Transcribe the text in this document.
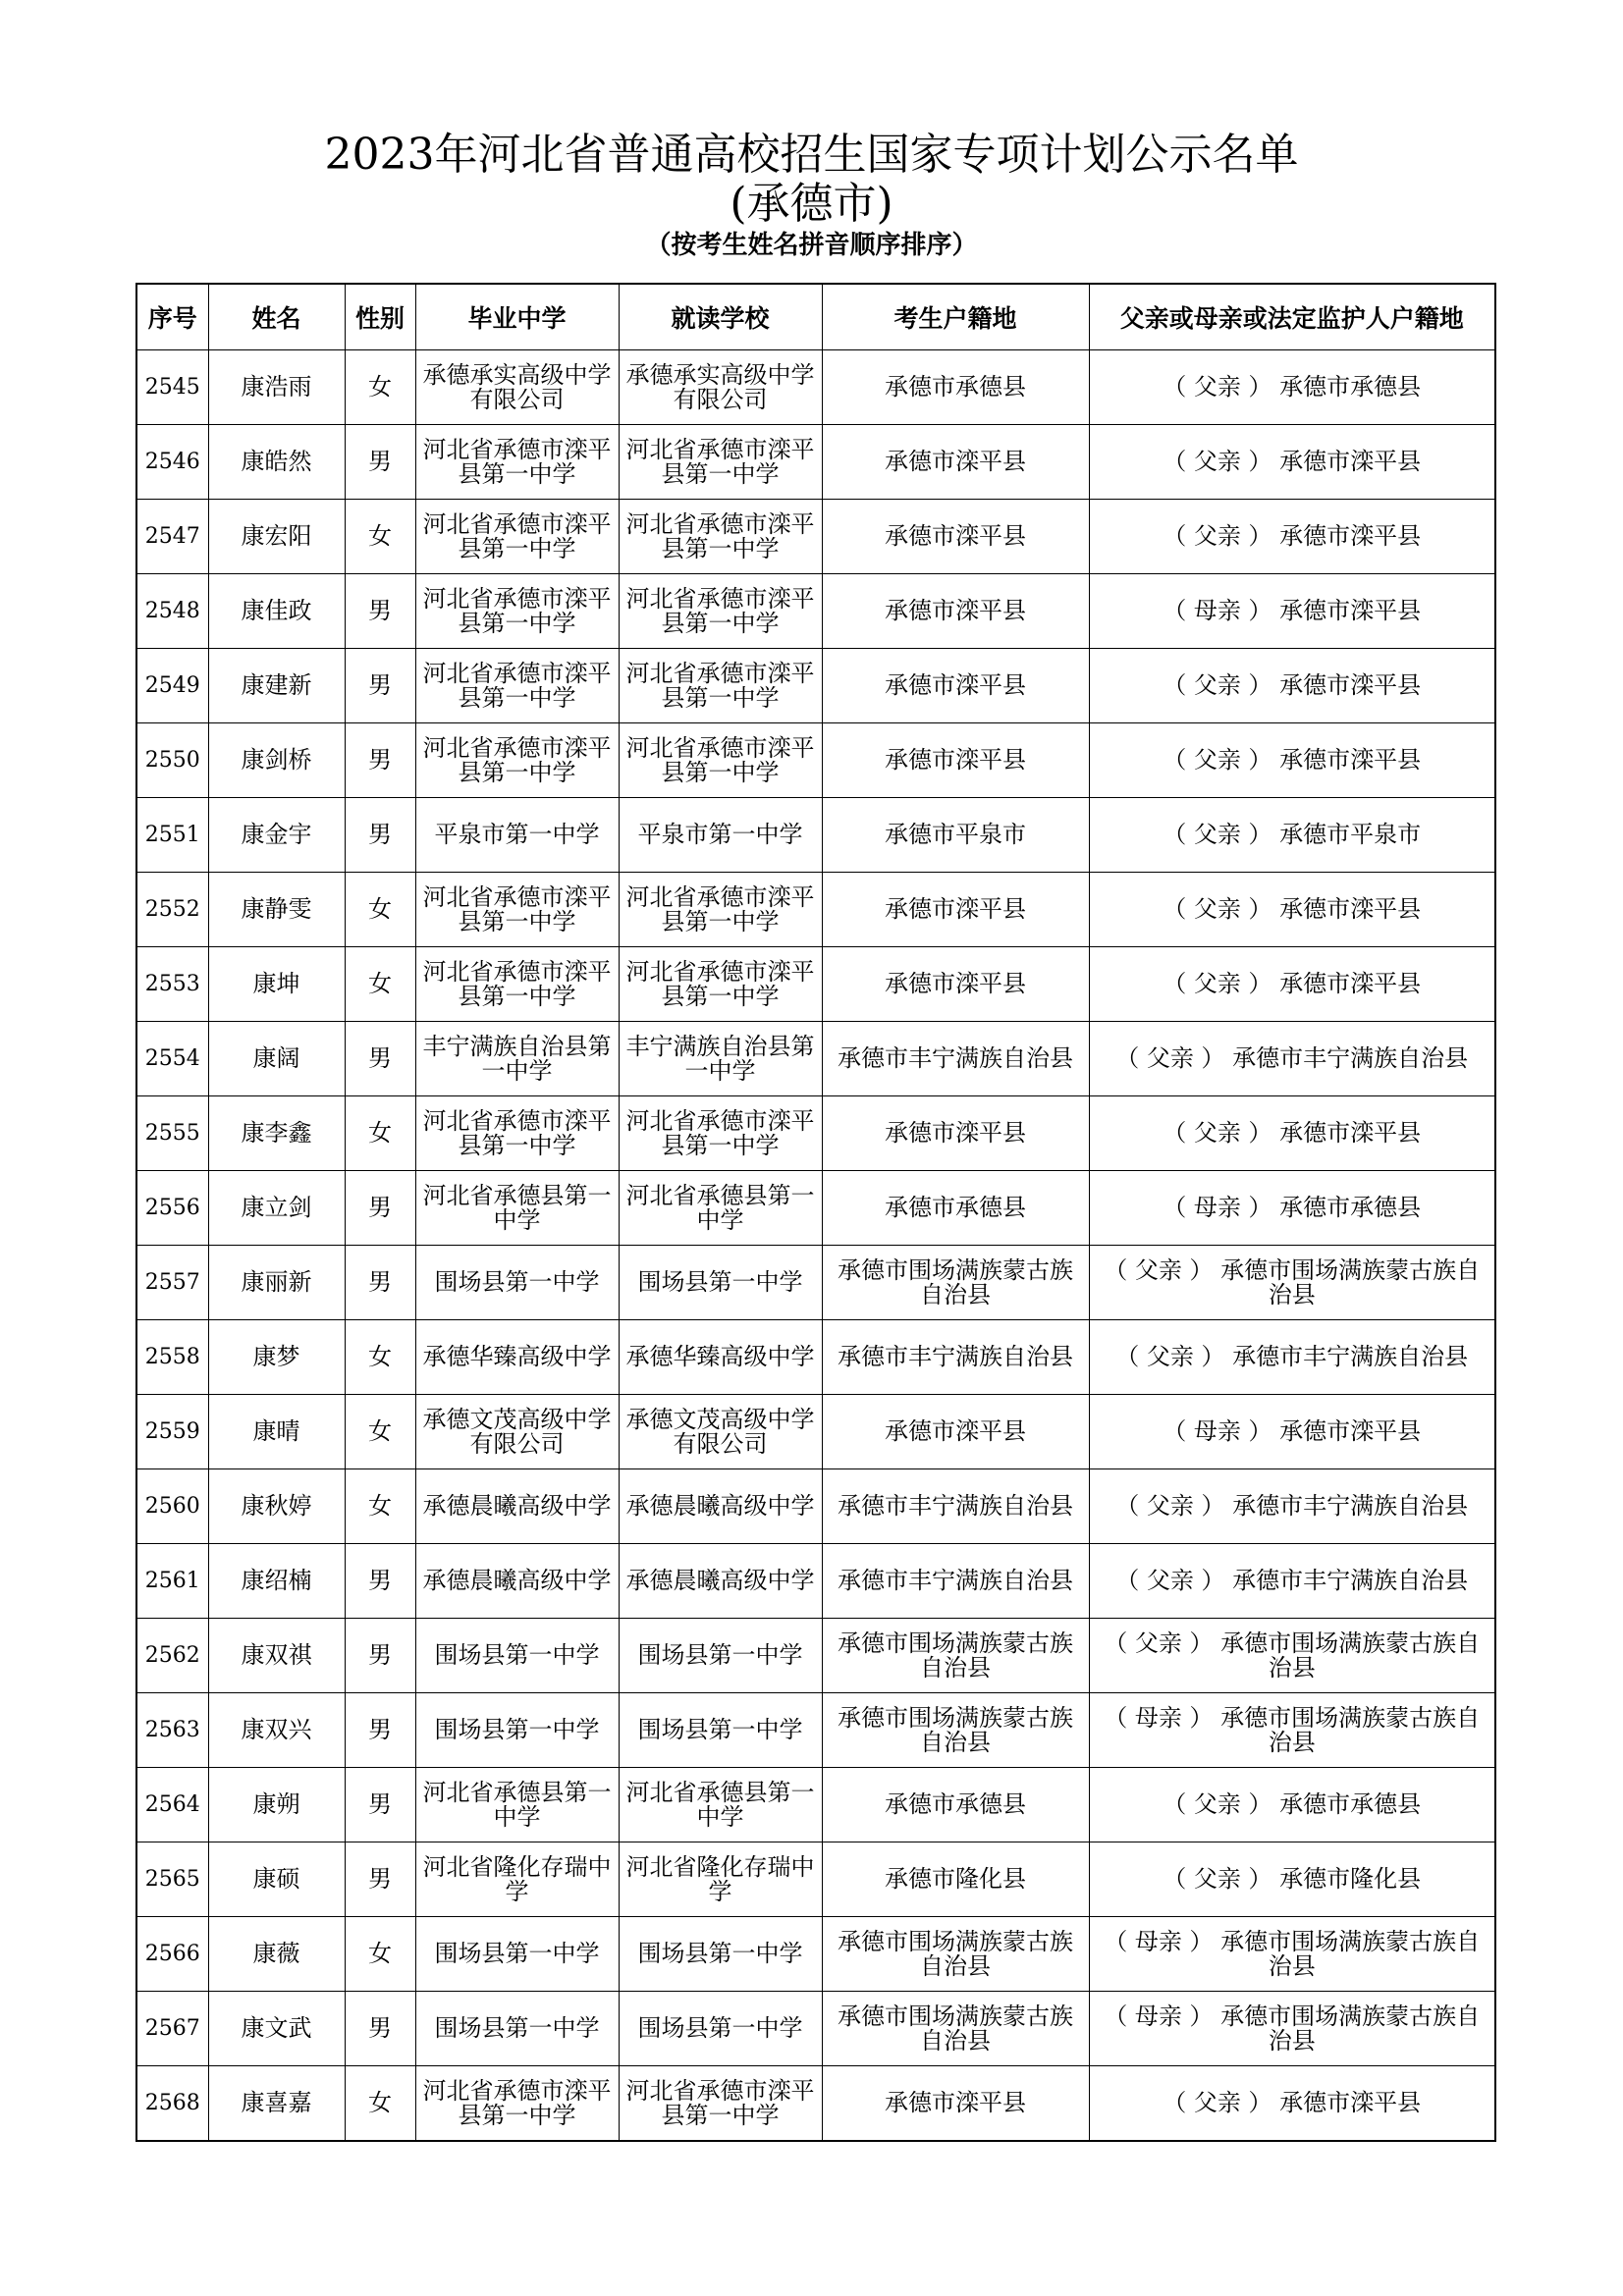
2023年河北省普通高校招生国家专项计划公示名单
(承德市)
（按考生姓名拼音顺序排序）
序号	姓名	性别	毕业中学	就读学校	考生户籍地	父亲或母亲或法定监护人户籍地
2545	康浩雨	女	承德承实高级中学有限公司	承德承实高级中学有限公司	承德市承德县	（ 父亲 ） 承德市承德县
2546	康皓然	男	河北省承德市滦平县第一中学	河北省承德市滦平县第一中学	承德市滦平县	（ 父亲 ） 承德市滦平县
2547	康宏阳	女	河北省承德市滦平县第一中学	河北省承德市滦平县第一中学	承德市滦平县	（ 父亲 ） 承德市滦平县
2548	康佳政	男	河北省承德市滦平县第一中学	河北省承德市滦平县第一中学	承德市滦平县	（ 母亲 ） 承德市滦平县
2549	康建新	男	河北省承德市滦平县第一中学	河北省承德市滦平县第一中学	承德市滦平县	（ 父亲 ） 承德市滦平县
2550	康剑桥	男	河北省承德市滦平县第一中学	河北省承德市滦平县第一中学	承德市滦平县	（ 父亲 ） 承德市滦平县
2551	康金宇	男	平泉市第一中学	平泉市第一中学	承德市平泉市	（ 父亲 ） 承德市平泉市
2552	康静雯	女	河北省承德市滦平县第一中学	河北省承德市滦平县第一中学	承德市滦平县	（ 父亲 ） 承德市滦平县
2553	康坤	女	河北省承德市滦平县第一中学	河北省承德市滦平县第一中学	承德市滦平县	（ 父亲 ） 承德市滦平县
2554	康阔	男	丰宁满族自治县第一中学	丰宁满族自治县第一中学	承德市丰宁满族自治县	（ 父亲 ） 承德市丰宁满族自治县
2555	康李鑫	女	河北省承德市滦平县第一中学	河北省承德市滦平县第一中学	承德市滦平县	（ 父亲 ） 承德市滦平县
2556	康立剑	男	河北省承德县第一中学	河北省承德县第一中学	承德市承德县	（ 母亲 ） 承德市承德县
2557	康丽新	男	围场县第一中学	围场县第一中学	承德市围场满族蒙古族自治县	（ 父亲 ） 承德市围场满族蒙古族自治县
2558	康梦	女	承德华臻高级中学	承德华臻高级中学	承德市丰宁满族自治县	（ 父亲 ） 承德市丰宁满族自治县
2559	康晴	女	承德文茂高级中学有限公司	承德文茂高级中学有限公司	承德市滦平县	（ 母亲 ） 承德市滦平县
2560	康秋婷	女	承德晨曦高级中学	承德晨曦高级中学	承德市丰宁满族自治县	（ 父亲 ） 承德市丰宁满族自治县
2561	康绍楠	男	承德晨曦高级中学	承德晨曦高级中学	承德市丰宁满族自治县	（ 父亲 ） 承德市丰宁满族自治县
2562	康双祺	男	围场县第一中学	围场县第一中学	承德市围场满族蒙古族自治县	（ 父亲 ） 承德市围场满族蒙古族自治县
2563	康双兴	男	围场县第一中学	围场县第一中学	承德市围场满族蒙古族自治县	（ 母亲 ） 承德市围场满族蒙古族自治县
2564	康朔	男	河北省承德县第一中学	河北省承德县第一中学	承德市承德县	（ 父亲 ） 承德市承德县
2565	康硕	男	河北省隆化存瑞中学	河北省隆化存瑞中学	承德市隆化县	（ 父亲 ） 承德市隆化县
2566	康薇	女	围场县第一中学	围场县第一中学	承德市围场满族蒙古族自治县	（ 母亲 ） 承德市围场满族蒙古族自治县
2567	康文武	男	围场县第一中学	围场县第一中学	承德市围场满族蒙古族自治县	（ 母亲 ） 承德市围场满族蒙古族自治县
2568	康喜嘉	女	河北省承德市滦平县第一中学	河北省承德市滦平县第一中学	承德市滦平县	（ 父亲 ） 承德市滦平县
